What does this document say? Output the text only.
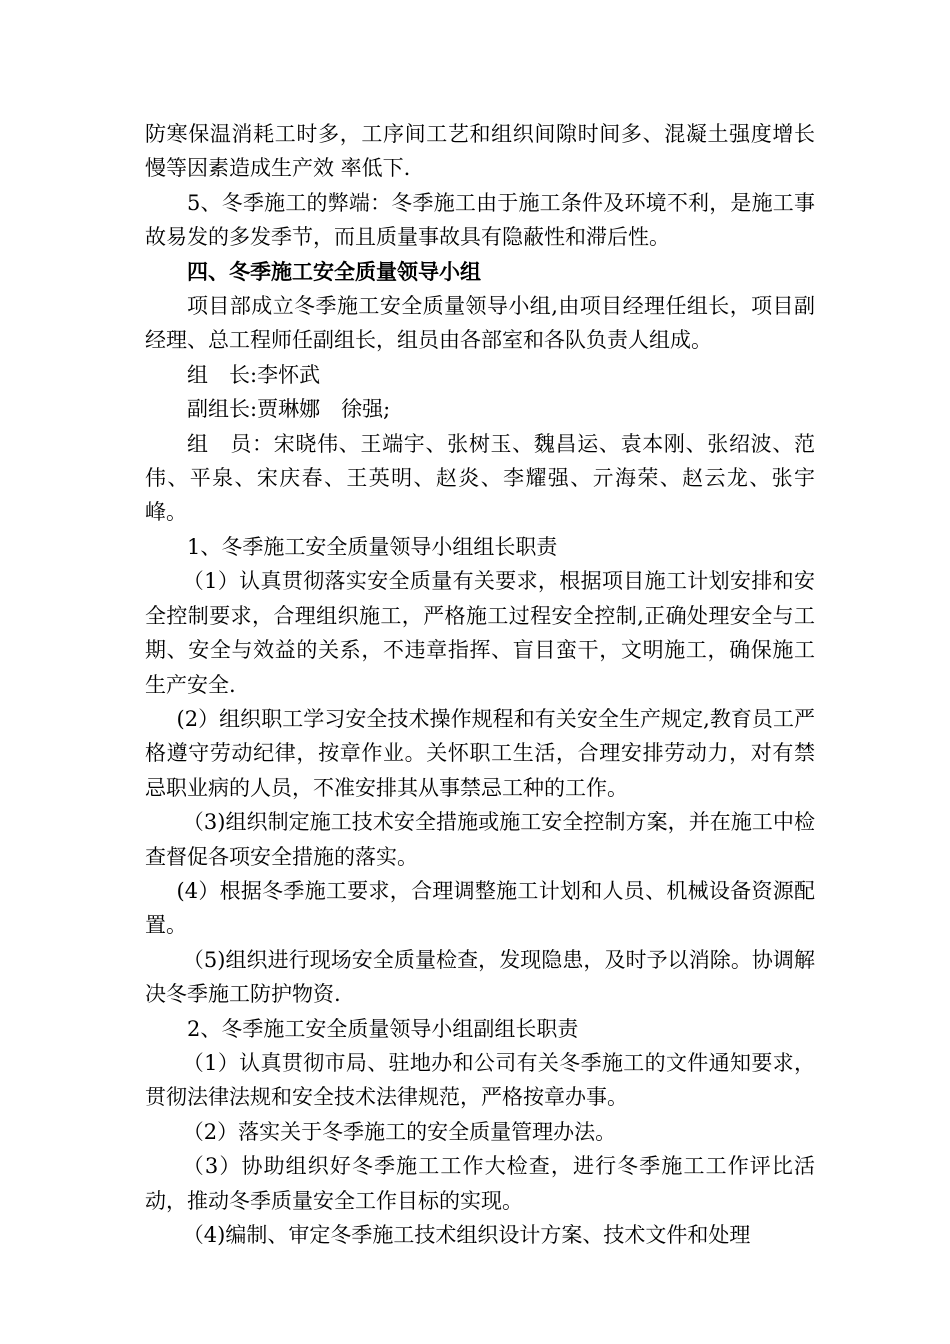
防寒保温消耗工时多，工序间工艺和组织间隙时间多、混凝土强度增长慢等因素造成生产效 率低下.

5、冬季施工的弊端：冬季施工由于施工条件及环境不利，是施工事故易发的多发季节，而且质量事故具有隐蔽性和滞后性。

四、冬季施工安全质量领导小组

项目部成立冬季施工安全质量领导小组,由项目经理任组长，项目副经理、总工程师任副组长，组员由各部室和各队负责人组成。

组　长:李怀武

副组长:贾琳娜　徐强;

组　员：宋晓伟、王端宇、张树玉、魏昌运、袁本刚、张绍波、范伟、平泉、宋庆春、王英明、赵炎、李耀强、亓海荣、赵云龙、张宇峰。

1、冬季施工安全质量领导小组组长职责

（1）认真贯彻落实安全质量有关要求，根据项目施工计划安排和安全控制要求，合理组织施工，严格施工过程安全控制,正确处理安全与工期、安全与效益的关系，不违章指挥、盲目蛮干，文明施工，确保施工生产安全.

(2）组织职工学习安全技术操作规程和有关安全生产规定,教育员工严格遵守劳动纪律，按章作业。关怀职工生活，合理安排劳动力，对有禁忌职业病的人员，不准安排其从事禁忌工种的工作。

（3)组织制定施工技术安全措施或施工安全控制方案，并在施工中检查督促各项安全措施的落实。

(4）根据冬季施工要求，合理调整施工计划和人员、机械设备资源配置。

（5)组织进行现场安全质量检查，发现隐患，及时予以消除。协调解决冬季施工防护物资.

2、冬季施工安全质量领导小组副组长职责

（1）认真贯彻市局、驻地办和公司有关冬季施工的文件通知要求，贯彻法律法规和安全技术法律规范，严格按章办事。

（2）落实关于冬季施工的安全质量管理办法。

（3）协助组织好冬季施工工作大检查，进行冬季施工工作评比活动，推动冬季质量安全工作目标的实现。

（4)编制、审定冬季施工技术组织设计方案、技术文件和处理
